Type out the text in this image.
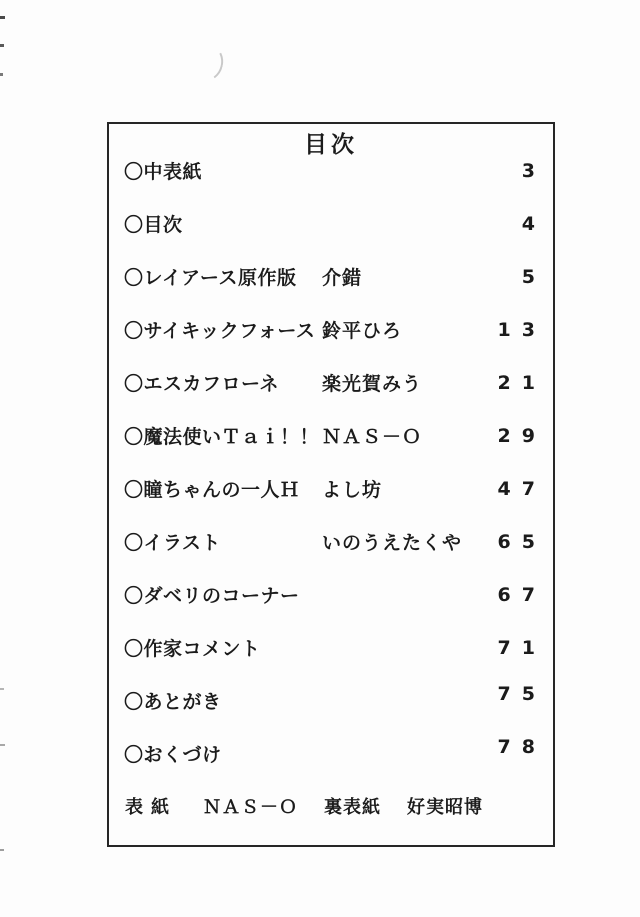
目次
〇中表紙	3
〇目次	4
〇レイアース原作版	介錯	5
〇サイキックフォース 鈴平ひろ	13
〇エスカフローネ	楽光賀みう	21
〇魔法使いＴａｉ！！ ＮＡＳ－Ｏ	29
〇瞳ちゃんの一人Ｈ	よし坊	47
〇イラスト	いのうえたくや	65
〇ダベリのコーナー	67
〇作家コメント	71
〇あとがき	75
〇おくづけ	78
表紙 ＮＡＳ－Ｏ 裏表紙 好実昭博
